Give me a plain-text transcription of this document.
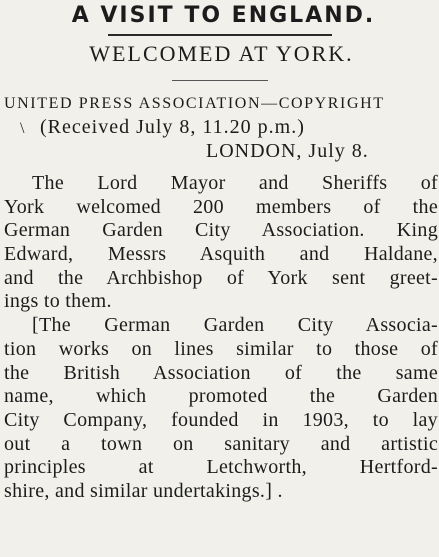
A VISIT TO ENGLAND.
WELCOMED AT YORK.
UNITED PRESS ASSOCIATION—COPYRIGHT
\ (Received July 8, 11.20 p.m.)
LONDON, July 8.
The Lord Mayor and Sheriffs of
York welcomed 200 members of the
German Garden City Association. King
Edward, Messrs Asquith and Haldane,
and the Archbishop of York sent greet-
ings to them.
[The German Garden City Associa-
tion works on lines similar to those of
the British Association of the same
name, which promoted the Garden
City Company, founded in 1903, to lay
out a town on sanitary and artistic
principles at Letchworth, Hertford-
shire, and similar undertakings.] .
